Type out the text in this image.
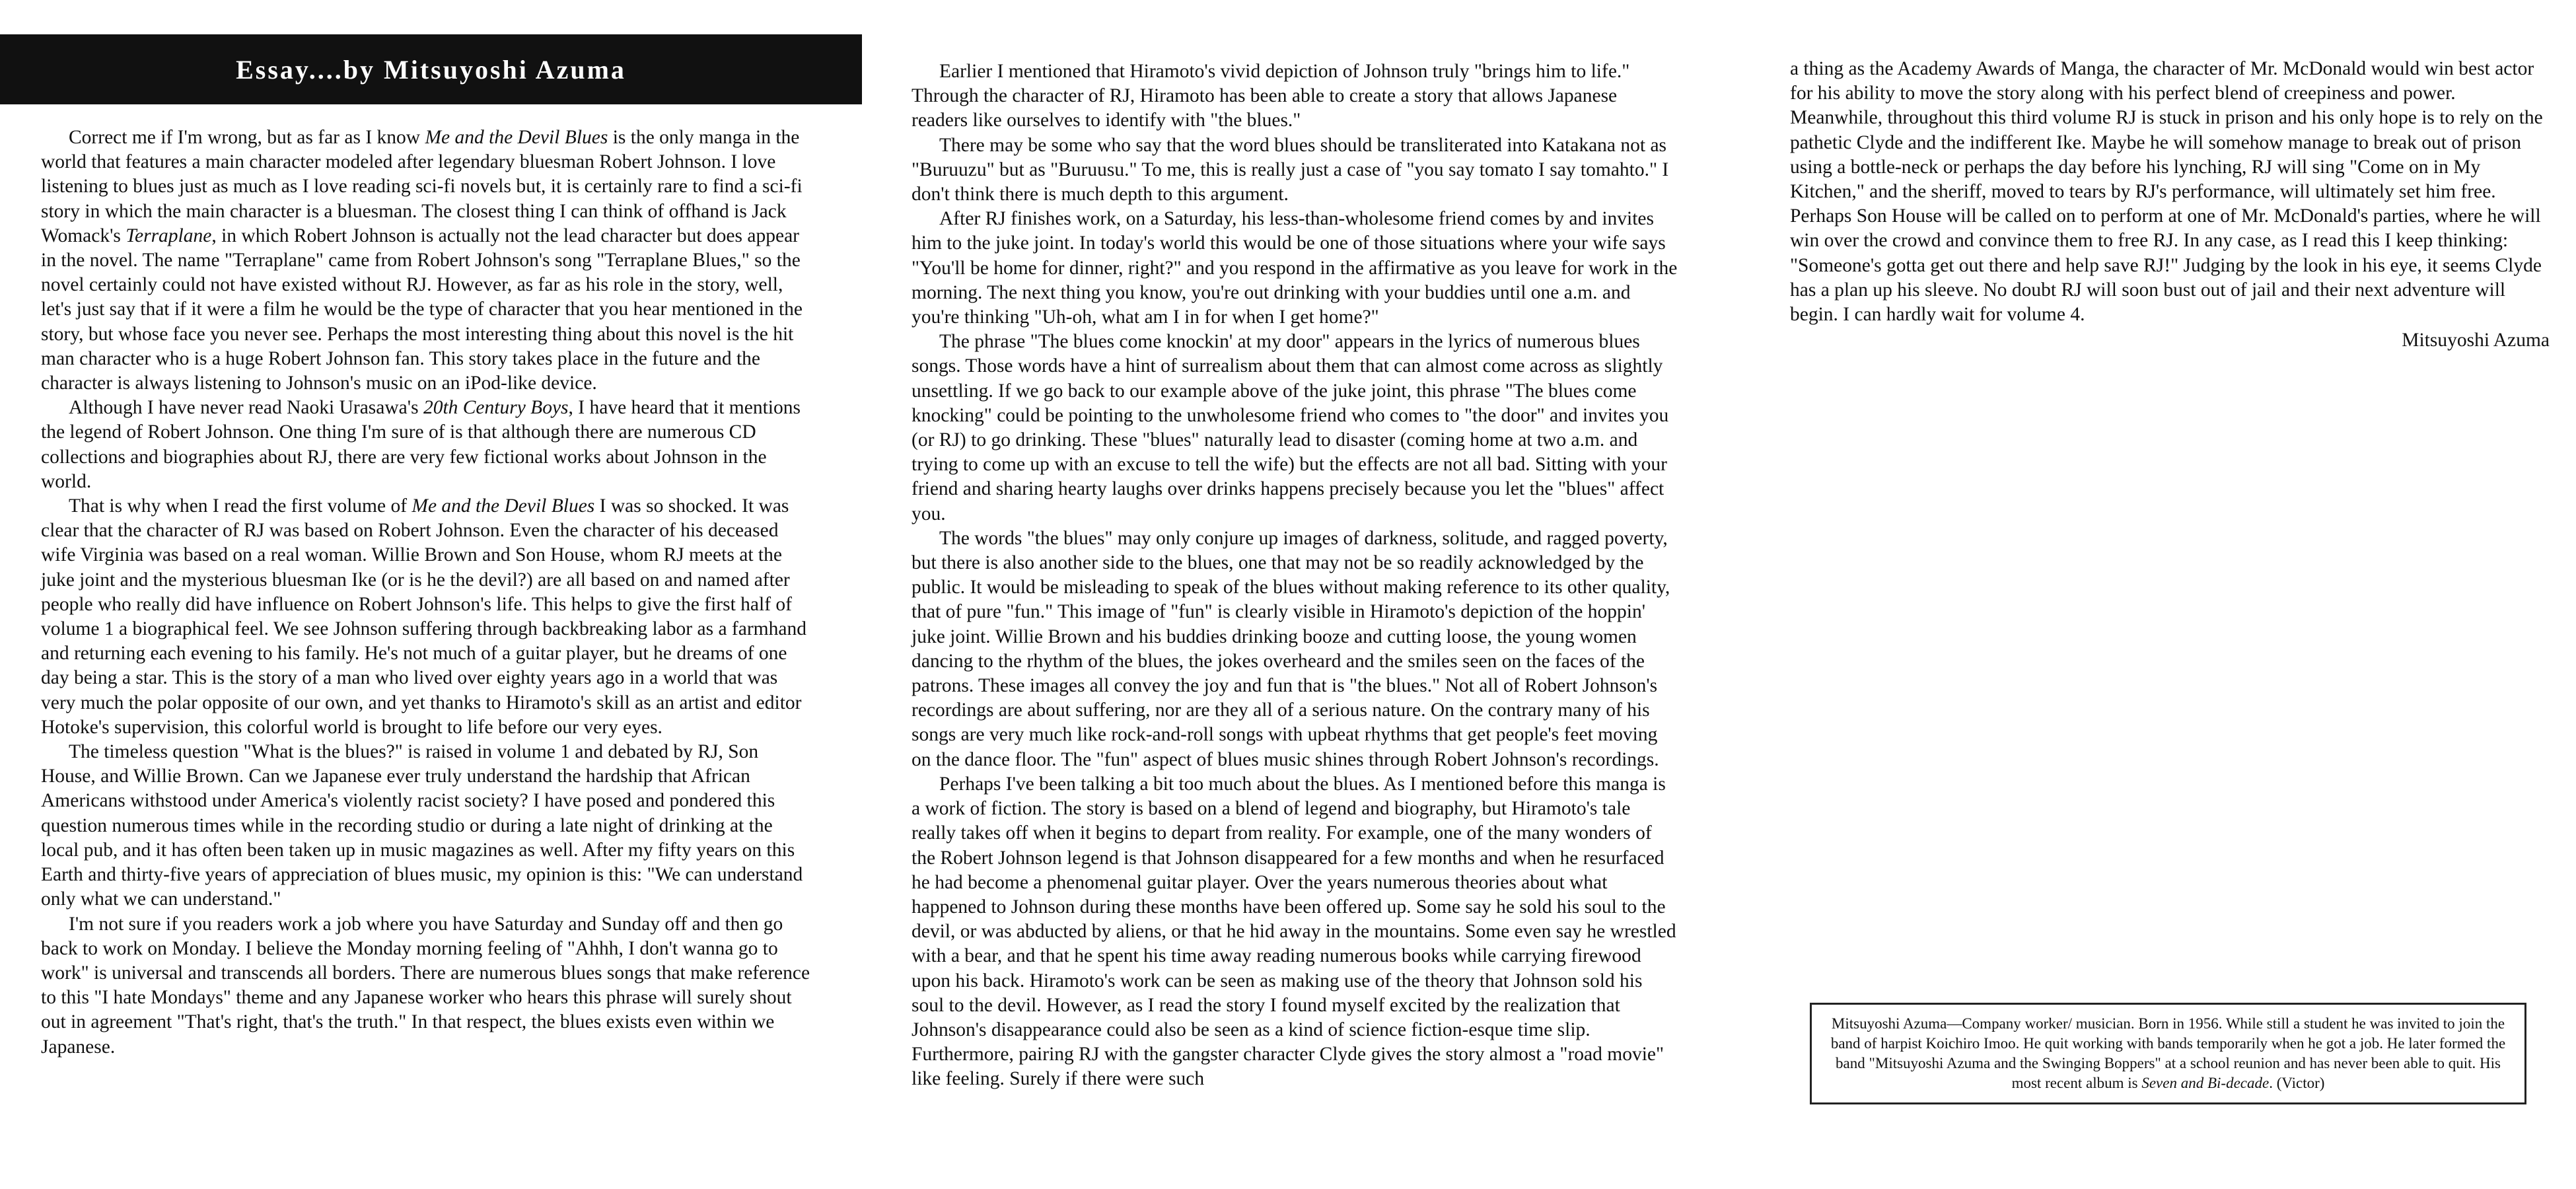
Essay....by Mitsuyoshi Azuma

Correct me if I'm wrong, but as far as I know Me and the Devil Blues is the only manga in the world that features a main character modeled after legendary bluesman Robert Johnson. I love listening to blues just as much as I love reading sci-fi novels but, it is certainly rare to find a sci-fi story in which the main character is a bluesman. The closest thing I can think of offhand is Jack Womack's Terraplane, in which Robert Johnson is actually not the lead character but does appear in the novel. The name "Terraplane" came from Robert Johnson's song "Terraplane Blues," so the novel certainly could not have existed without RJ. However, as far as his role in the story, well, let's just say that if it were a film he would be the type of character that you hear mentioned in the story, but whose face you never see. Perhaps the most interesting thing about this novel is the hit man character who is a huge Robert Johnson fan. This story takes place in the future and the character is always listening to Johnson's music on an iPod-like device.

Although I have never read Naoki Urasawa's 20th Century Boys, I have heard that it mentions the legend of Robert Johnson. One thing I'm sure of is that although there are numerous CD collections and biographies about RJ, there are very few fictional works about Johnson in the world.

That is why when I read the first volume of Me and the Devil Blues I was so shocked. It was clear that the character of RJ was based on Robert Johnson. Even the character of his deceased wife Virginia was based on a real woman. Willie Brown and Son House, whom RJ meets at the juke joint and the mysterious bluesman Ike (or is he the devil?) are all based on and named after people who really did have influence on Robert Johnson's life. This helps to give the first half of volume 1 a biographical feel. We see Johnson suffering through backbreaking labor as a farmhand and returning each evening to his family. He's not much of a guitar player, but he dreams of one day being a star. This is the story of a man who lived over eighty years ago in a world that was very much the polar opposite of our own, and yet thanks to Hiramoto's skill as an artist and editor Hotoke's supervision, this colorful world is brought to life before our very eyes.

The timeless question "What is the blues?" is raised in volume 1 and debated by RJ, Son House, and Willie Brown. Can we Japanese ever truly understand the hardship that African Americans withstood under America's violently racist society? I have posed and pondered this question numerous times while in the recording studio or during a late night of drinking at the local pub, and it has often been taken up in music magazines as well. After my fifty years on this Earth and thirty-five years of appreciation of blues music, my opinion is this: "We can understand only what we can understand."

I'm not sure if you readers work a job where you have Saturday and Sunday off and then go back to work on Monday. I believe the Monday morning feeling of "Ahhh, I don't wanna go to work" is universal and transcends all borders. There are numerous blues songs that make reference to this "I hate Mondays" theme and any Japanese worker who hears this phrase will surely shout out in agreement "That's right, that's the truth." In that respect, the blues exists even within we Japanese.

Earlier I mentioned that Hiramoto's vivid depiction of Johnson truly "brings him to life." Through the character of RJ, Hiramoto has been able to create a story that allows Japanese readers like ourselves to identify with "the blues."

There may be some who say that the word blues should be transliterated into Katakana not as "Buruuzu" but as "Buruusu." To me, this is really just a case of "you say tomato I say tomahto." I don't think there is much depth to this argument.

After RJ finishes work, on a Saturday, his less-than-wholesome friend comes by and invites him to the juke joint. In today's world this would be one of those situations where your wife says "You'll be home for dinner, right?" and you respond in the affirmative as you leave for work in the morning. The next thing you know, you're out drinking with your buddies until one a.m. and you're thinking "Uh-oh, what am I in for when I get home?"

The phrase "The blues come knockin' at my door" appears in the lyrics of numerous blues songs. Those words have a hint of surrealism about them that can almost come across as slightly unsettling. If we go back to our example above of the juke joint, this phrase "The blues come knocking" could be pointing to the unwholesome friend who comes to "the door" and invites you (or RJ) to go drinking. These "blues" naturally lead to disaster (coming home at two a.m. and trying to come up with an excuse to tell the wife) but the effects are not all bad. Sitting with your friend and sharing hearty laughs over drinks happens precisely because you let the "blues" affect you.

The words "the blues" may only conjure up images of darkness, solitude, and ragged poverty, but there is also another side to the blues, one that may not be so readily acknowledged by the public. It would be misleading to speak of the blues without making reference to its other quality, that of pure "fun." This image of "fun" is clearly visible in Hiramoto's depiction of the hoppin' juke joint. Willie Brown and his buddies drinking booze and cutting loose, the young women dancing to the rhythm of the blues, the jokes overheard and the smiles seen on the faces of the patrons. These images all convey the joy and fun that is "the blues." Not all of Robert Johnson's recordings are about suffering, nor are they all of a serious nature. On the contrary many of his songs are very much like rock-and-roll songs with upbeat rhythms that get people's feet moving on the dance floor. The "fun" aspect of blues music shines through Robert Johnson's recordings.

Perhaps I've been talking a bit too much about the blues. As I mentioned before this manga is a work of fiction. The story is based on a blend of legend and biography, but Hiramoto's tale really takes off when it begins to depart from reality. For example, one of the many wonders of the Robert Johnson legend is that Johnson disappeared for a few months and when he resurfaced he had become a phenomenal guitar player. Over the years numerous theories about what happened to Johnson during these months have been offered up. Some say he sold his soul to the devil, or was abducted by aliens, or that he hid away in the mountains. Some even say he wrestled with a bear, and that he spent his time away reading numerous books while carrying firewood upon his back. Hiramoto's work can be seen as making use of the theory that Johnson sold his soul to the devil. However, as I read the story I found myself excited by the realization that Johnson's disappearance could also be seen as a kind of science fiction-esque time slip. Furthermore, pairing RJ with the gangster character Clyde gives the story almost a "road movie" like feeling. Surely if there were such

a thing as the Academy Awards of Manga, the character of Mr. McDonald would win best actor for his ability to move the story along with his perfect blend of creepiness and power. Meanwhile, throughout this third volume RJ is stuck in prison and his only hope is to rely on the pathetic Clyde and the indifferent Ike. Maybe he will somehow manage to break out of prison using a bottle-neck or perhaps the day before his lynching, RJ will sing "Come on in My Kitchen," and the sheriff, moved to tears by RJ's performance, will ultimately set him free. Perhaps Son House will be called on to perform at one of Mr. McDonald's parties, where he will win over the crowd and convince them to free RJ. In any case, as I read this I keep thinking: "Someone's gotta get out there and help save RJ!" Judging by the look in his eye, it seems Clyde has a plan up his sleeve. No doubt RJ will soon bust out of jail and their next adventure will begin. I can hardly wait for volume 4.

Mitsuyoshi Azuma
Mitsuyoshi Azuma—Company worker/ musician. Born in 1956. While still a student he was invited to join the band of harpist Koichiro Imoo. He quit working with bands temporarily when he got a job. He later formed the band "Mitsuyoshi Azuma and the Swinging Boppers" at a school reunion and has never been able to quit. His most recent album is Seven and Bi-decade. (Victor)
